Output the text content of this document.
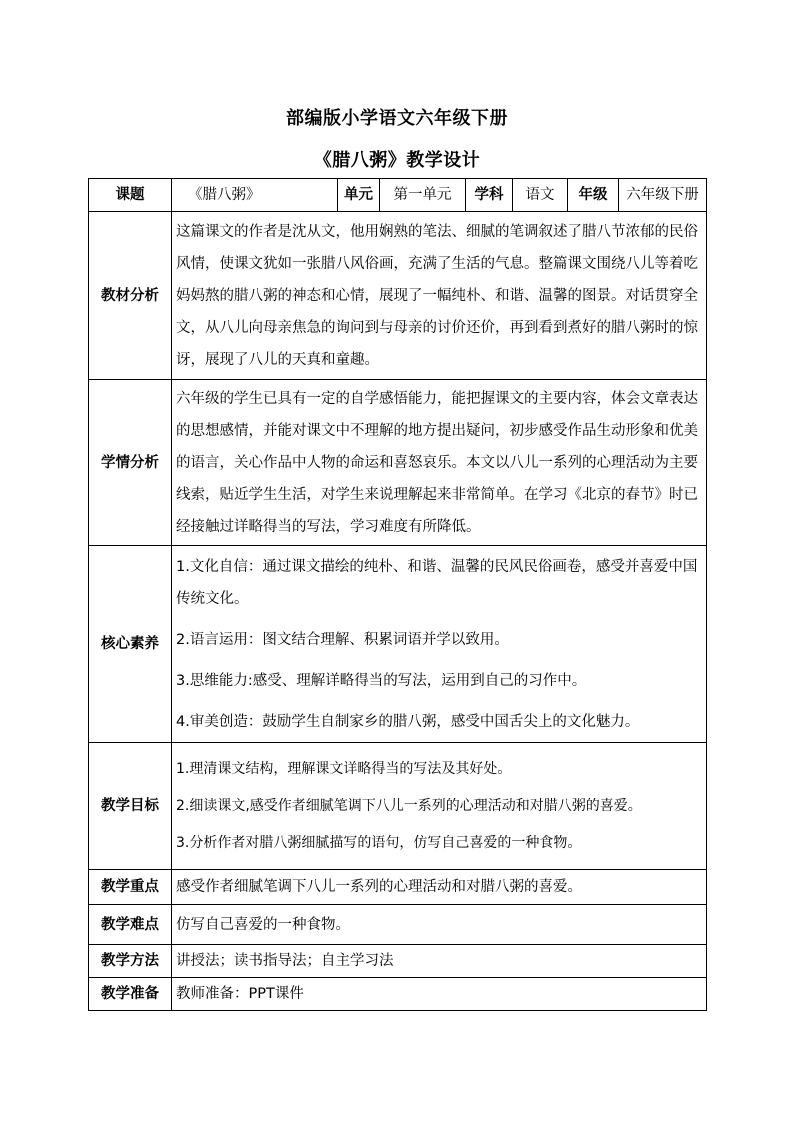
部编版小学语文六年级下册
《腊八粥》教学设计
课题	《腊八粥》	单元	第一单元	学科	语文	年级	六年级下册
教材分析	这篇课文的作者是沈从文，他用娴熟的笔法、细腻的笔调叙述了腊八节浓郁的民俗风情，使课文犹如一张腊八风俗画，充满了生活的气息。整篇课文围绕八儿等着吃妈妈熬的腊八粥的神态和心情，展现了一幅纯朴、和谐、温馨的图景。对话贯穿全文，从八儿向母亲焦急的询问到与母亲的讨价还价，再到看到煮好的腊八粥时的惊讶，展现了八儿的天真和童趣。						
学情分析	六年级的学生已具有一定的自学感悟能力，能把握课文的主要内容，体会文章表达的思想感情，并能对课文中不理解的地方提出疑问，初步感受作品生动形象和优美的语言，关心作品中人物的命运和喜怒哀乐。本文以八儿一系列的心理活动为主要线索，贴近学生生活，对学生来说理解起来非常简单。在学习《北京的春节》时已经接触过详略得当的写法，学习难度有所降低。						
核心素养	1.文化自信：通过课文描绘的纯朴、和谐、温馨的民风民俗画卷，感受并喜爱中国传统文化。
2.语言运用：图文结合理解、积累词语并学以致用。
3.思维能力:感受、理解详略得当的写法，运用到自己的习作中。
4.审美创造：鼓励学生自制家乡的腊八粥，感受中国舌尖上的文化魅力。						

教学目标	1.理清课文结构，理解课文详略得当的写法及其好处。
2.细读课文,感受作者细腻笔调下八儿一系列的心理活动和对腊八粥的喜爱。
3.分析作者对腊八粥细腻描写的语句，仿写自己喜爱的一种食物。						

教学重点	感受作者细腻笔调下八儿一系列的心理活动和对腊八粥的喜爱。						
教学难点	仿写自己喜爱的一种食物。						
教学方法	讲授法；读书指导法；自主学习法						
教学准备	教师准备：PPT课件						
